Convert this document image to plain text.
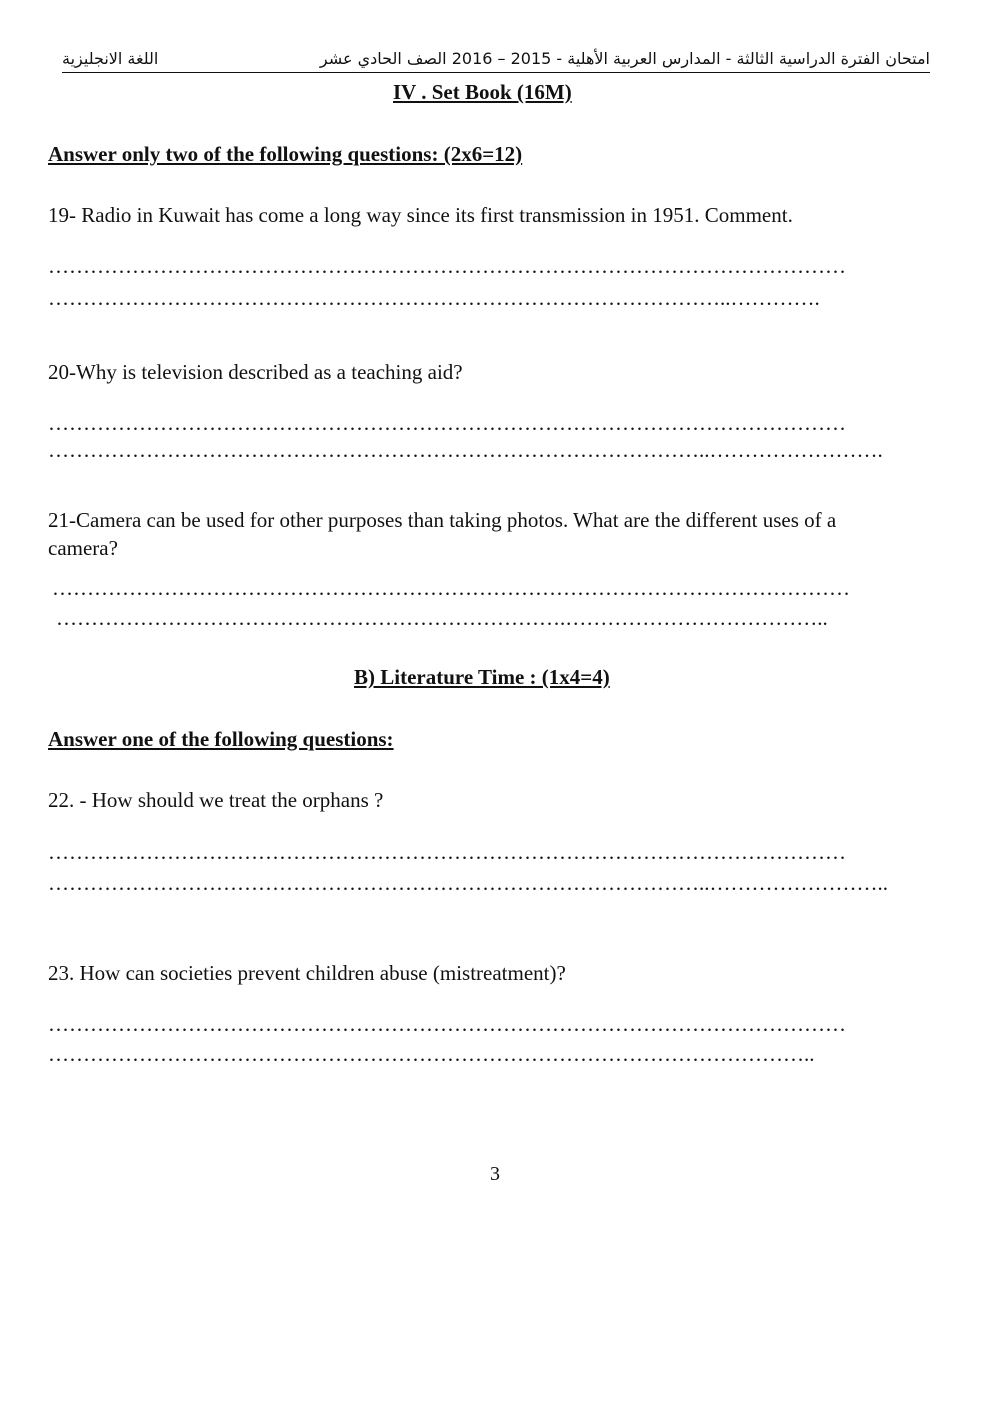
اللغة الانجليزية	امتحان الفترة الدراسية الثالثة - المدارس العربية الأهلية - 2015 – 2016 الصف الحادي عشر
IV . Set Book (16M)
Answer only two of the following questions: (2x6=12)
19- Radio in Kuwait has come a long way since its first transmission in 1951. Comment.
……………………………………………………………………………………………………
……………………………………………………………………………………..………….
20-Why is television described as a teaching aid?
……………………………………………………………………………………………………
…………………………………………………………………………………..…………………….
21-Camera can be used for other purposes than taking photos. What are the different uses of a
camera?
……………………………………………………………………………………………………
……………………………………………………………….………………………………..
B) Literature Time : (1x4=4)
Answer one of the following questions:
22. - How should we treat the orphans ?
……………………………………………………………………………………………………
…………………………………………………………………………………..……………………..
23. How can societies prevent children abuse (mistreatment)?
……………………………………………………………………………………………………
………………………………………………………………………………………………..
3
